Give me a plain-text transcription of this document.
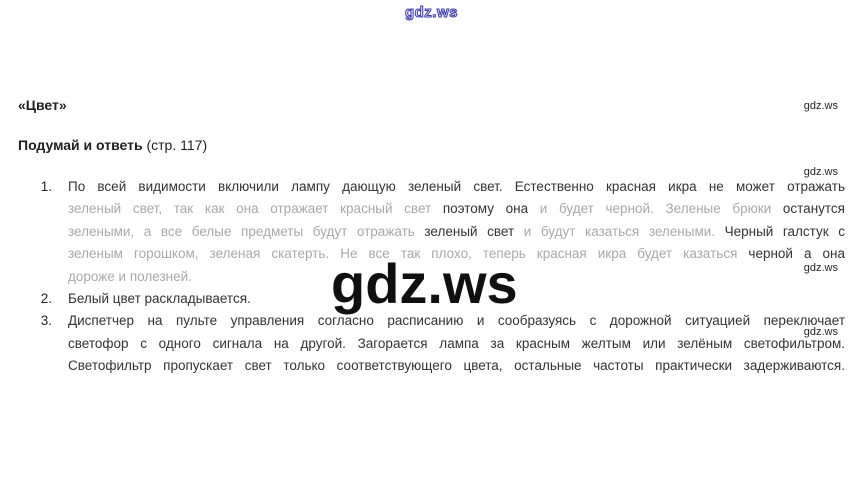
gdz.ws
«Цвет»
Подумай и ответь (стр. 117)
1. По всей видимости включили лампу дающую зеленый свет. Естественно красная икра не может отражать
зеленый свет, так как она отражает красный свет поэтому она и будет черной. Зеленые брюки останутся
зелеными, а все белые предметы будут отражать зеленый свет и будут казаться зелеными. Черный галстук с
зеленым горошком, зеленая скатерть. Не все так плохо, теперь красная икра будет казаться черной а она
дороже и полезней.
2. Белый цвет раскладывается.
3. Диспетчер на пульте управления согласно расписанию и сообразуясь с дорожной ситуацией переключает
светофор с одного сигнала на другой. Загорается лампа за красным желтым или зелёным светофильтром.
Светофильтр пропускает свет только соответствующего цвета, остальные частоты практически задерживаются.
gdz.ws
gdz.ws
gdz.ws
gdz.ws
gdz.ws
